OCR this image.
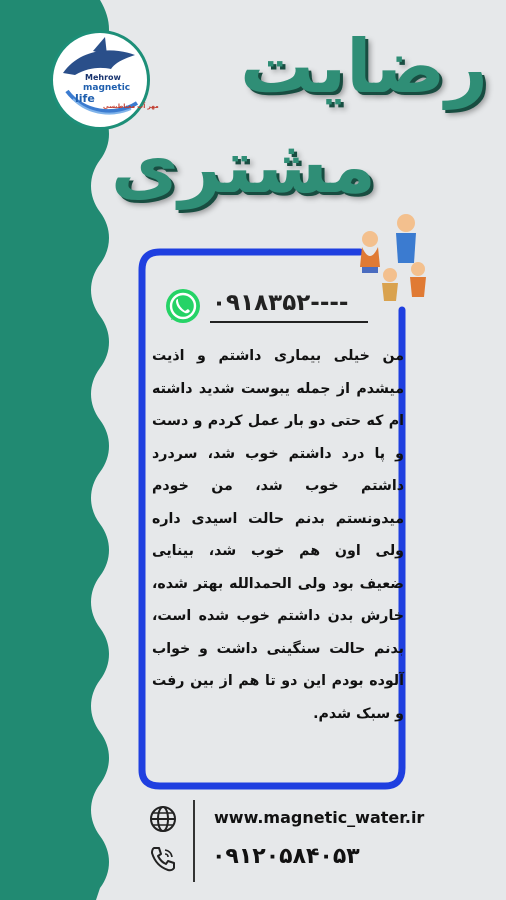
Mehrow
magnetic
life
مهر آب مغناطیسی رضایت
مشتری
۰۹۱۸۳۵۲----
من خیلی بیماری داشتم و اذیت میشدم از جمله یبوست شدید داشته ام که حتی دو بار عمل کردم و دست و پا درد داشتم خوب شد، سردرد داشتم خوب شد، من خودم میدونستم بدنم حالت اسیدی داره ولی اون هم خوب شد، بینایی ضعیف بود ولی الحمدالله بهتر شده، خارش بدن داشتم خوب شده است، بدنم حالت سنگینی داشت و خواب آلوده بودم این دو تا هم از بین رفت و سبک شدم.
www.magnetic_water.ir
۰۹۱۲۰۵۸۴۰۵۳
